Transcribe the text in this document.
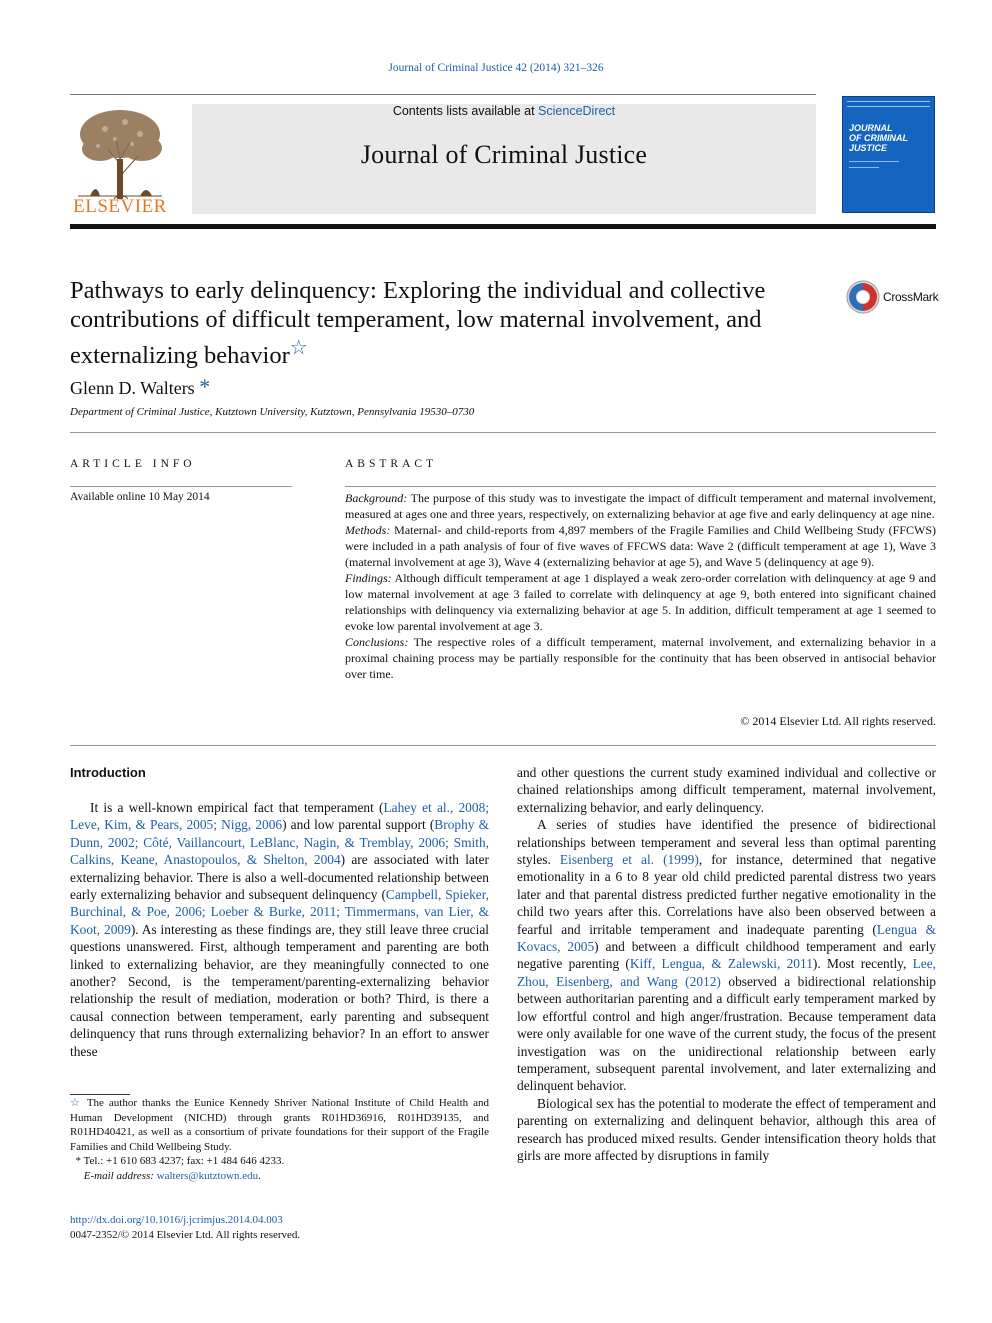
Journal of Criminal Justice 42 (2014) 321–326
ELSEVIER
Contents lists available at ScienceDirect
Journal of Criminal Justice
JOURNAL
OF CRIMINAL
JUSTICE
Pathways to early delinquency: Exploring the individual and collective
contributions of difficult temperament, low maternal involvement, and
externalizing behavior☆
CrossMark
Glenn D. Walters *
Department of Criminal Justice, Kutztown University, Kutztown, Pennsylvania 19530–0730
ARTICLE INFO	ABSTRACT
Available online 10 May 2014	Background: The purpose of this study was to investigate the impact of difficult temperament and maternal involvement, measured at ages one and three years, respectively, on externalizing behavior at age five and early delinquency at age nine.

Methods: Maternal- and child-reports from 4,897 members of the Fragile Families and Child Wellbeing Study (FFCWS) were included in a path analysis of four of five waves of FFCWS data: Wave 2 (difficult temperament at age 1), Wave 3 (maternal involvement at age 3), Wave 4 (externalizing behavior at age 5), and Wave 5 (delinquency at age 9).

Findings: Although difficult temperament at age 1 displayed a weak zero-order correlation with delinquency at age 9 and low maternal involvement at age 3 failed to correlate with delinquency at age 9, both entered into significant chained relationships with delinquency via externalizing behavior at age 5. In addition, difficult temperament at age 1 seemed to evoke low parental involvement at age 3.

Conclusions: The respective roles of a difficult temperament, maternal involvement, and externalizing behavior in a proximal chaining process may be partially responsible for the continuity that has been observed in antisocial behavior over time.

© 2014 Elsevier Ltd. All rights reserved.
Introduction

It is a well-known empirical fact that temperament (Lahey et al., 2008; Leve, Kim, & Pears, 2005; Nigg, 2006) and low parental support (Brophy & Dunn, 2002; Côté, Vaillancourt, LeBlanc, Nagin, & Tremblay, 2006; Smith, Calkins, Keane, Anastopoulos, & Shelton, 2004) are associated with later externalizing behavior. There is also a well-documented relationship between early externalizing behavior and subsequent delinquency (Campbell, Spieker, Burchinal, & Poe, 2006; Loeber & Burke, 2011; Timmermans, van Lier, & Koot, 2009). As interesting as these findings are, they still leave three crucial questions unanswered. First, although temperament and parenting are both linked to externalizing behavior, are they meaningfully connected to one another? Second, is the temperament/parenting-externalizing behavior relationship the result of mediation, moderation or both? Third, is there a causal connection between temperament, early parenting and subsequent delinquency that runs through externalizing behavior? In an effort to answer these

and other questions the current study examined individual and collective or chained relationships among difficult temperament, maternal involvement, externalizing behavior, and early delinquency.

A series of studies have identified the presence of bidirectional relationships between temperament and several less than optimal parenting styles. Eisenberg et al. (1999), for instance, determined that negative emotionality in a 6 to 8 year old child predicted parental distress two years later and that parental distress predicted further negative emotionality in the child two years after this. Correlations have also been observed between a fearful and irritable temperament and inadequate parenting (Lengua & Kovacs, 2005) and between a difficult childhood temperament and early negative parenting (Kiff, Lengua, & Zalewski, 2011). Most recently, Lee, Zhou, Eisenberg, and Wang (2012) observed a bidirectional relationship between authoritarian parenting and a difficult early temperament marked by low effortful control and high anger/frustration. Because temperament data were only available for one wave of the current study, the focus of the present investigation was on the unidirectional relationship between early temperament, subsequent parental involvement, and later externalizing and delinquent behavior.

Biological sex has the potential to moderate the effect of temperament and parenting on externalizing and delinquent behavior, although this area of research has produced mixed results. Gender intensification theory holds that girls are more affected by disruptions in family

☆ The author thanks the Eunice Kennedy Shriver National Institute of Child Health and Human Development (NICHD) through grants R01HD36916, R01HD39135, and R01HD40421, as well as a consortium of private foundations for their support of the Fragile Families and Child Wellbeing Study.

* Tel.: +1 610 683 4237; fax: +1 484 646 4233.

E-mail address: walters@kutztown.edu.

http://dx.doi.org/10.1016/j.jcrimjus.2014.04.003
0047-2352/© 2014 Elsevier Ltd. All rights reserved.
